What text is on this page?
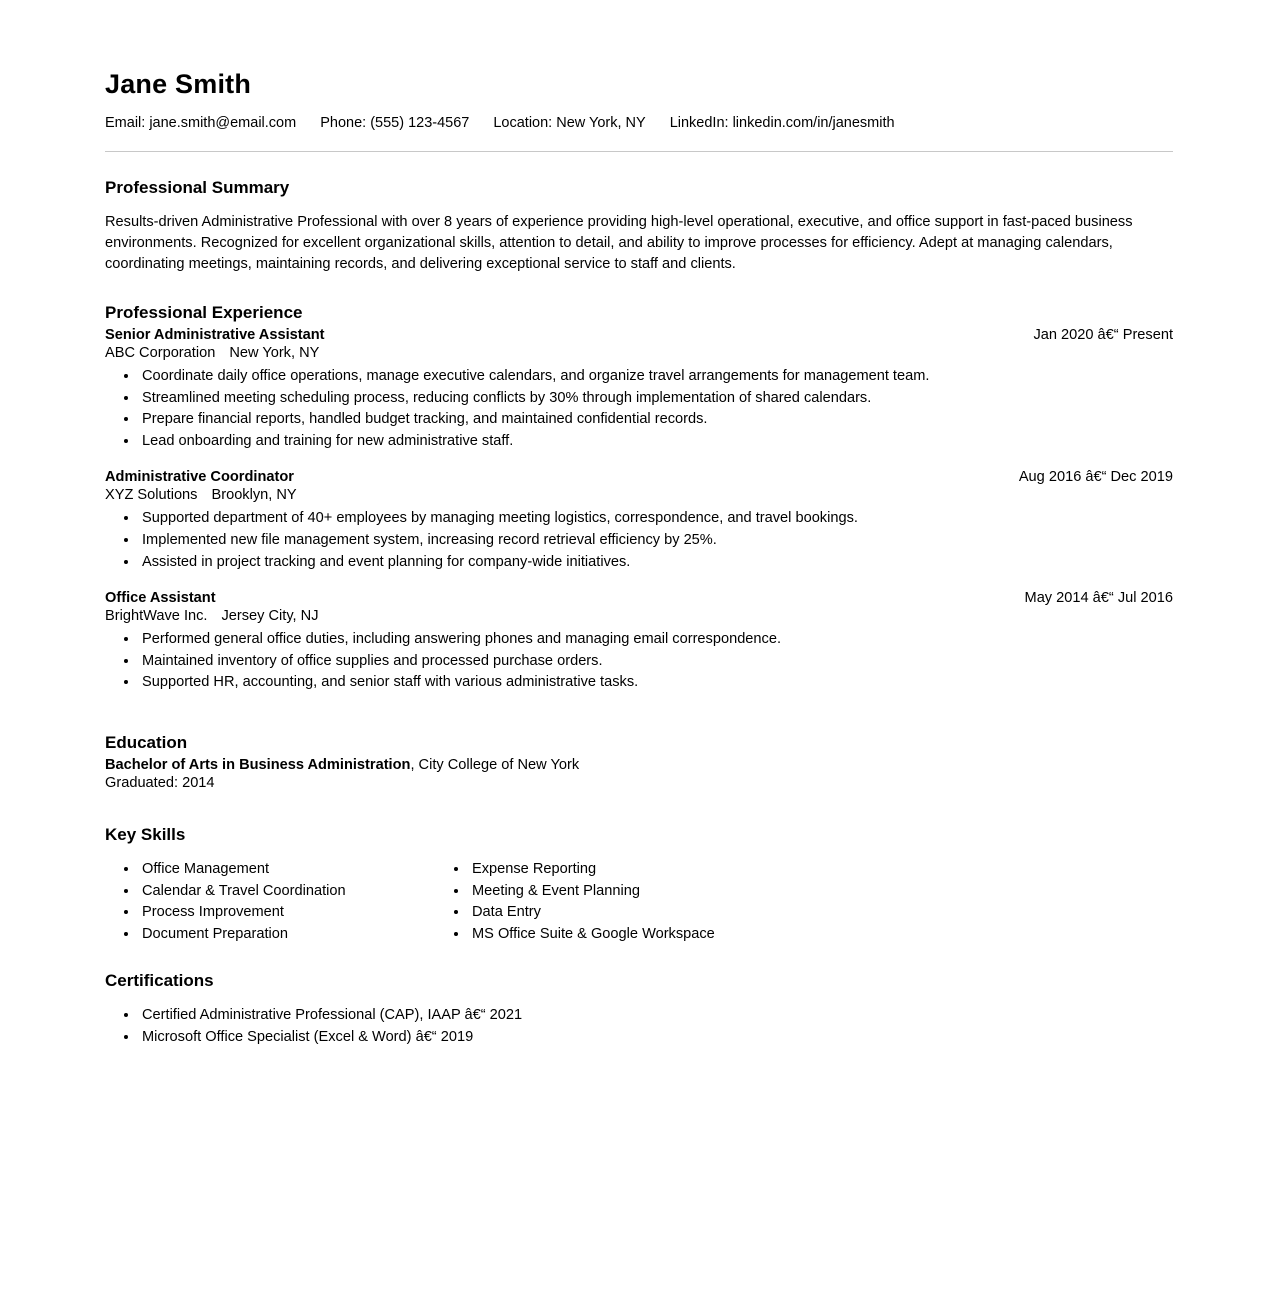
Jane Smith
Email: jane.smith@email.com Phone: (555) 123-4567 Location: New York, NY LinkedIn: linkedin.com/in/janesmith
Professional Summary

Results-driven Administrative Professional with over 8 years of experience providing high-level operational, executive, and office support in fast-paced business environments. Recognized for excellent organizational skills, attention to detail, and ability to improve processes for efficiency. Adept at managing calendars, coordinating meetings, maintaining records, and delivering exceptional service to staff and clients.

Professional Experience
Senior Administrative Assistant	Jan 2020 â€“ Present
ABC Corporation New York, NY
• Coordinate daily office operations, manage executive calendars, and organize travel arrangements for management team.
• Streamlined meeting scheduling process, reducing conflicts by 30% through implementation of shared calendars.
• Prepare financial reports, handled budget tracking, and maintained confidential records.
• Lead onboarding and training for new administrative staff.
Administrative Coordinator	Aug 2016 â€“ Dec 2019
XYZ Solutions Brooklyn, NY
• Supported department of 40+ employees by managing meeting logistics, correspondence, and travel bookings.
• Implemented new file management system, increasing record retrieval efficiency by 25%.
• Assisted in project tracking and event planning for company-wide initiatives.
Office Assistant	May 2014 â€“ Jul 2016
BrightWave Inc. Jersey City, NJ
• Performed general office duties, including answering phones and managing email correspondence.
• Maintained inventory of office supplies and processed purchase orders.
• Supported HR, accounting, and senior staff with various administrative tasks.
Education
Bachelor of Arts in Business Administration, City College of New York
Graduated: 2014
Key Skills
• Office Management
• Calendar & Travel Coordination
• Process Improvement
• Document Preparation
• Expense Reporting
• Meeting & Event Planning
• Data Entry
• MS Office Suite & Google Workspace
Certifications
• Certified Administrative Professional (CAP), IAAP â€“ 2021
• Microsoft Office Specialist (Excel & Word) â€“ 2019
